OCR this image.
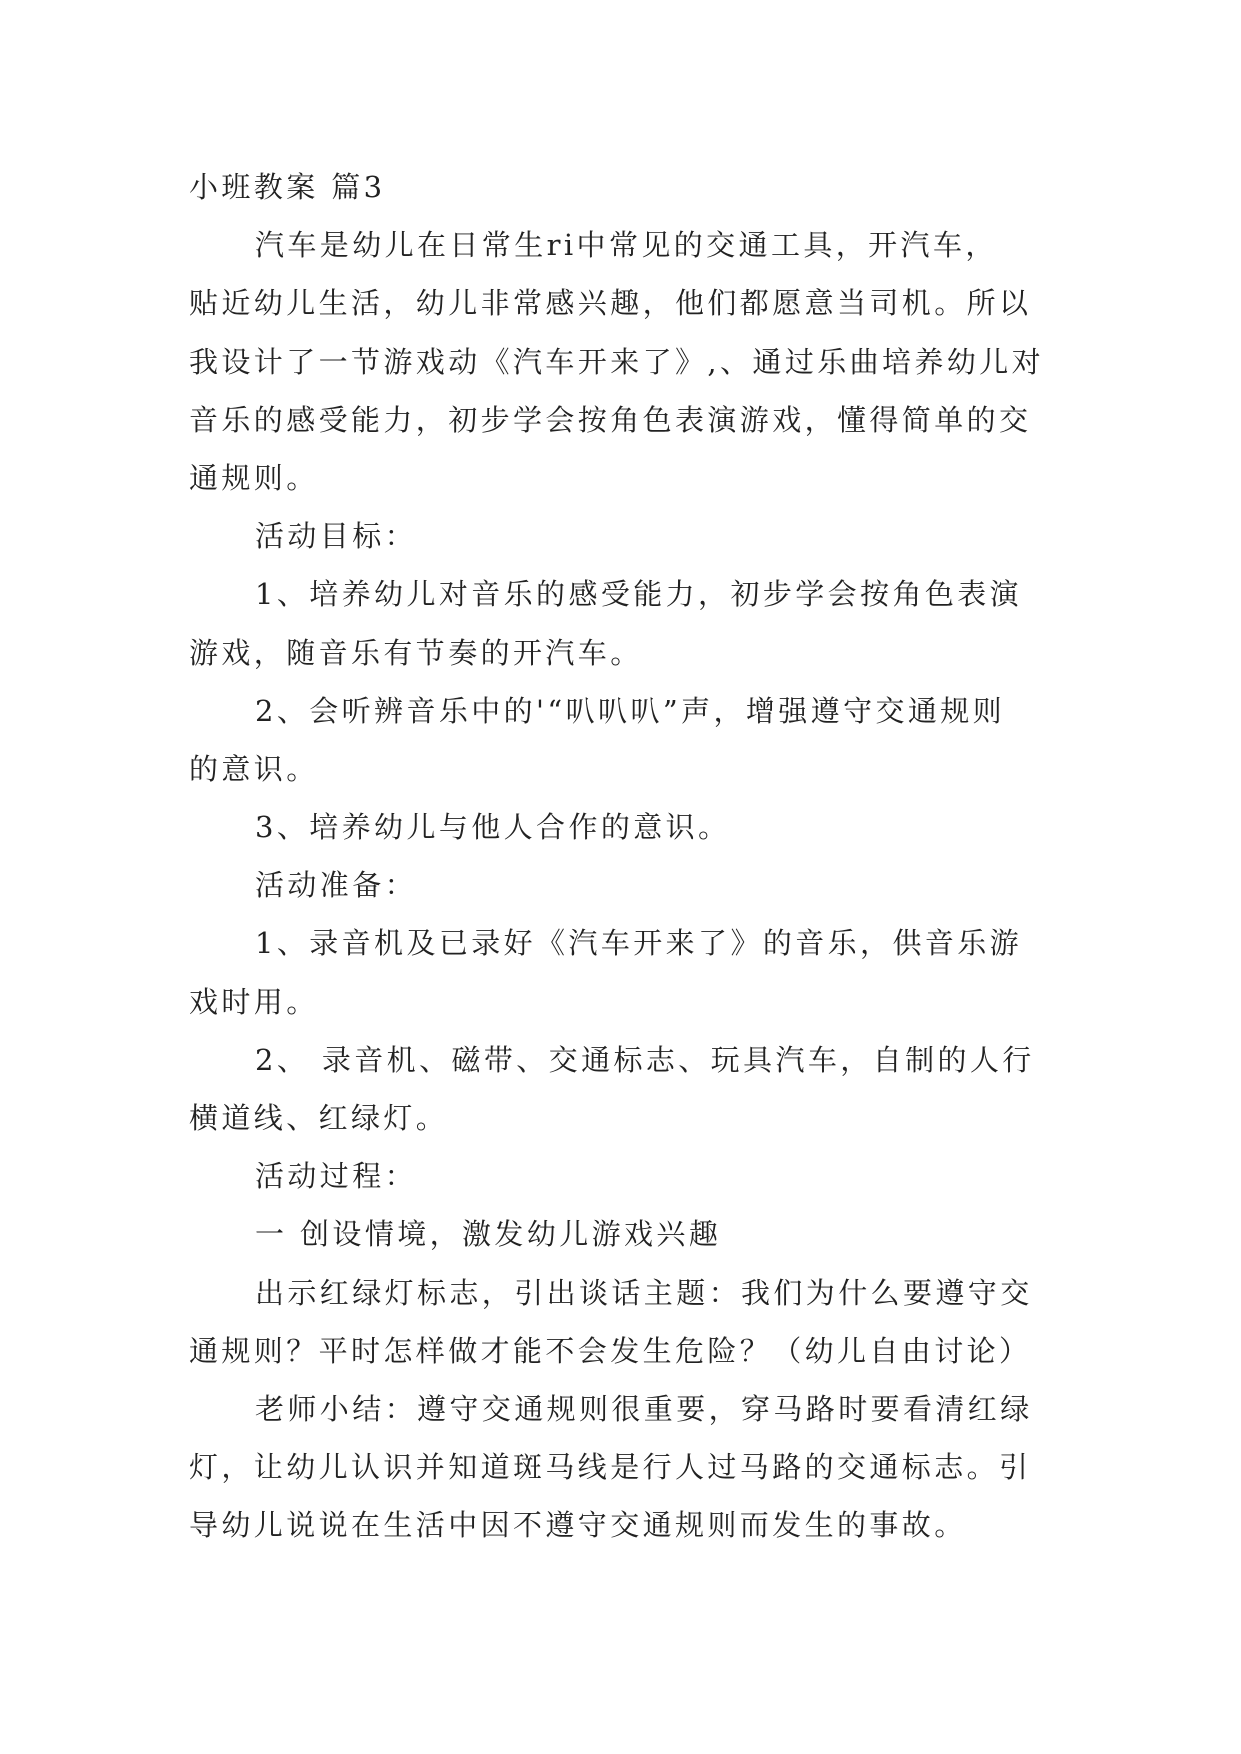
小班教案 篇3
汽车是幼儿在日常生ri中常见的交通工具，开汽车，
贴近幼儿生活，幼儿非常感兴趣，他们都愿意当司机。所以
我设计了一节游戏动《汽车开来了》,、通过乐曲培养幼儿对
音乐的感受能力，初步学会按角色表演游戏，懂得简单的交
通规则。
活动目标：
1、培养幼儿对音乐的感受能力，初步学会按角色表演
游戏，随音乐有节奏的开汽车。
2、会听辨音乐中的'“叭叭叭”声，增强遵守交通规则
的意识。
3、培养幼儿与他人合作的意识。
活动准备：
1、录音机及已录好《汽车开来了》的音乐，供音乐游
戏时用。
2、 录音机、磁带、交通标志、玩具汽车，自制的人行
横道线、红绿灯。
活动过程：
一 创设情境，激发幼儿游戏兴趣
出示红绿灯标志，引出谈话主题：我们为什么要遵守交
通规则？平时怎样做才能不会发生危险？（幼儿自由讨论）
老师小结：遵守交通规则很重要，穿马路时要看清红绿
灯，让幼儿认识并知道斑马线是行人过马路的交通标志。引
导幼儿说说在生活中因不遵守交通规则而发生的事故。
